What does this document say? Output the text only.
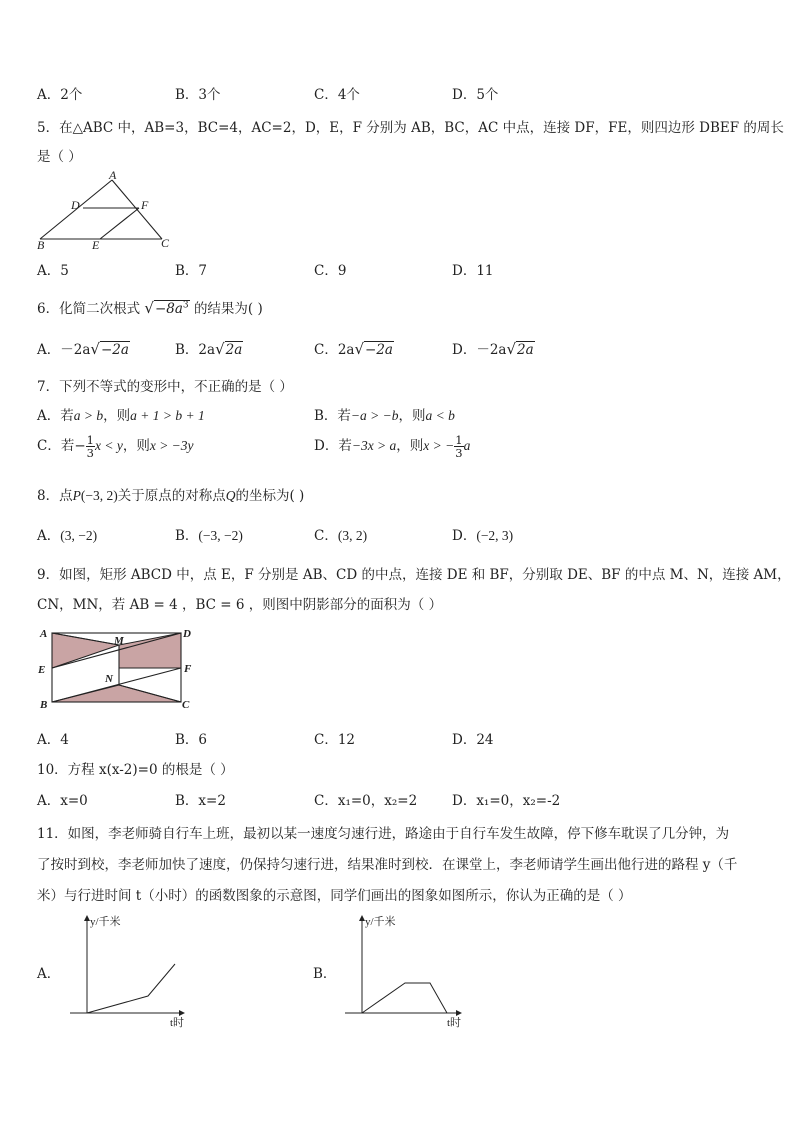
A．2个	B．3个	C．4个	D．5个
5．在△ABC 中，AB=3，BC=4，AC=2，D，E，F 分别为 AB，BC，AC 中点，连接 DF，FE，则四边形 DBEF 的周长
是（ ）
A
D	F
B	E	C
A．5	B．7	C．9	D．11
6．化简二次根式 $√-8a^3$ 的结果为( )
A．－2a√−2a	B．2a√2a	C．2a√−2a	D．－2a√2a
7．下列不等式的变形中，不正确的是（ ）
A．若a > b，则a + 1 > b + 1	B．若−a > −b，则a < b
C．若− $\frac{1}{3}$ x < y，则x > −3y	D．若−3x > a，则x > − $\frac{1}{3}$ a
8．点P(−3, 2)关于原点的对称点Q的坐标为( )
A．(3, −2)	B．(−3, −2)	C．(3, 2)	D．(−2, 3)
9．如图，矩形 ABCD 中，点 E，F 分别是 AB、CD 的中点，连接 DE 和 BF，分别取 DE、BF 的中点 M、N，连接 AM，
CN，MN，若 AB = 4 ，BC = 6 ，则图中阴影部分的面积为（ ）
A	D
E	F
B	C
M
N
A．4	B．6	C．12	D．24
10．方程 x(x-2)=0 的根是（ ）
A．x=0	B．x=2	C．x₁=0，x₂=2	D．x₁=0，x₂=-2
11．如图，李老师骑自行车上班，最初以某一速度匀速行进，路途由于自行车发生故障，停下修车耽误了几分钟，为
了按时到校，李老师加快了速度，仍保持匀速行进，结果准时到校．在课堂上，李老师请学生画出他行进的路程 y（千
米）与行进时间 t（小时）的函数图象的示意图，同学们画出的图象如图所示，你认为正确的是（ ）
A．
y/千米
t时
B．
y/千米
t时
